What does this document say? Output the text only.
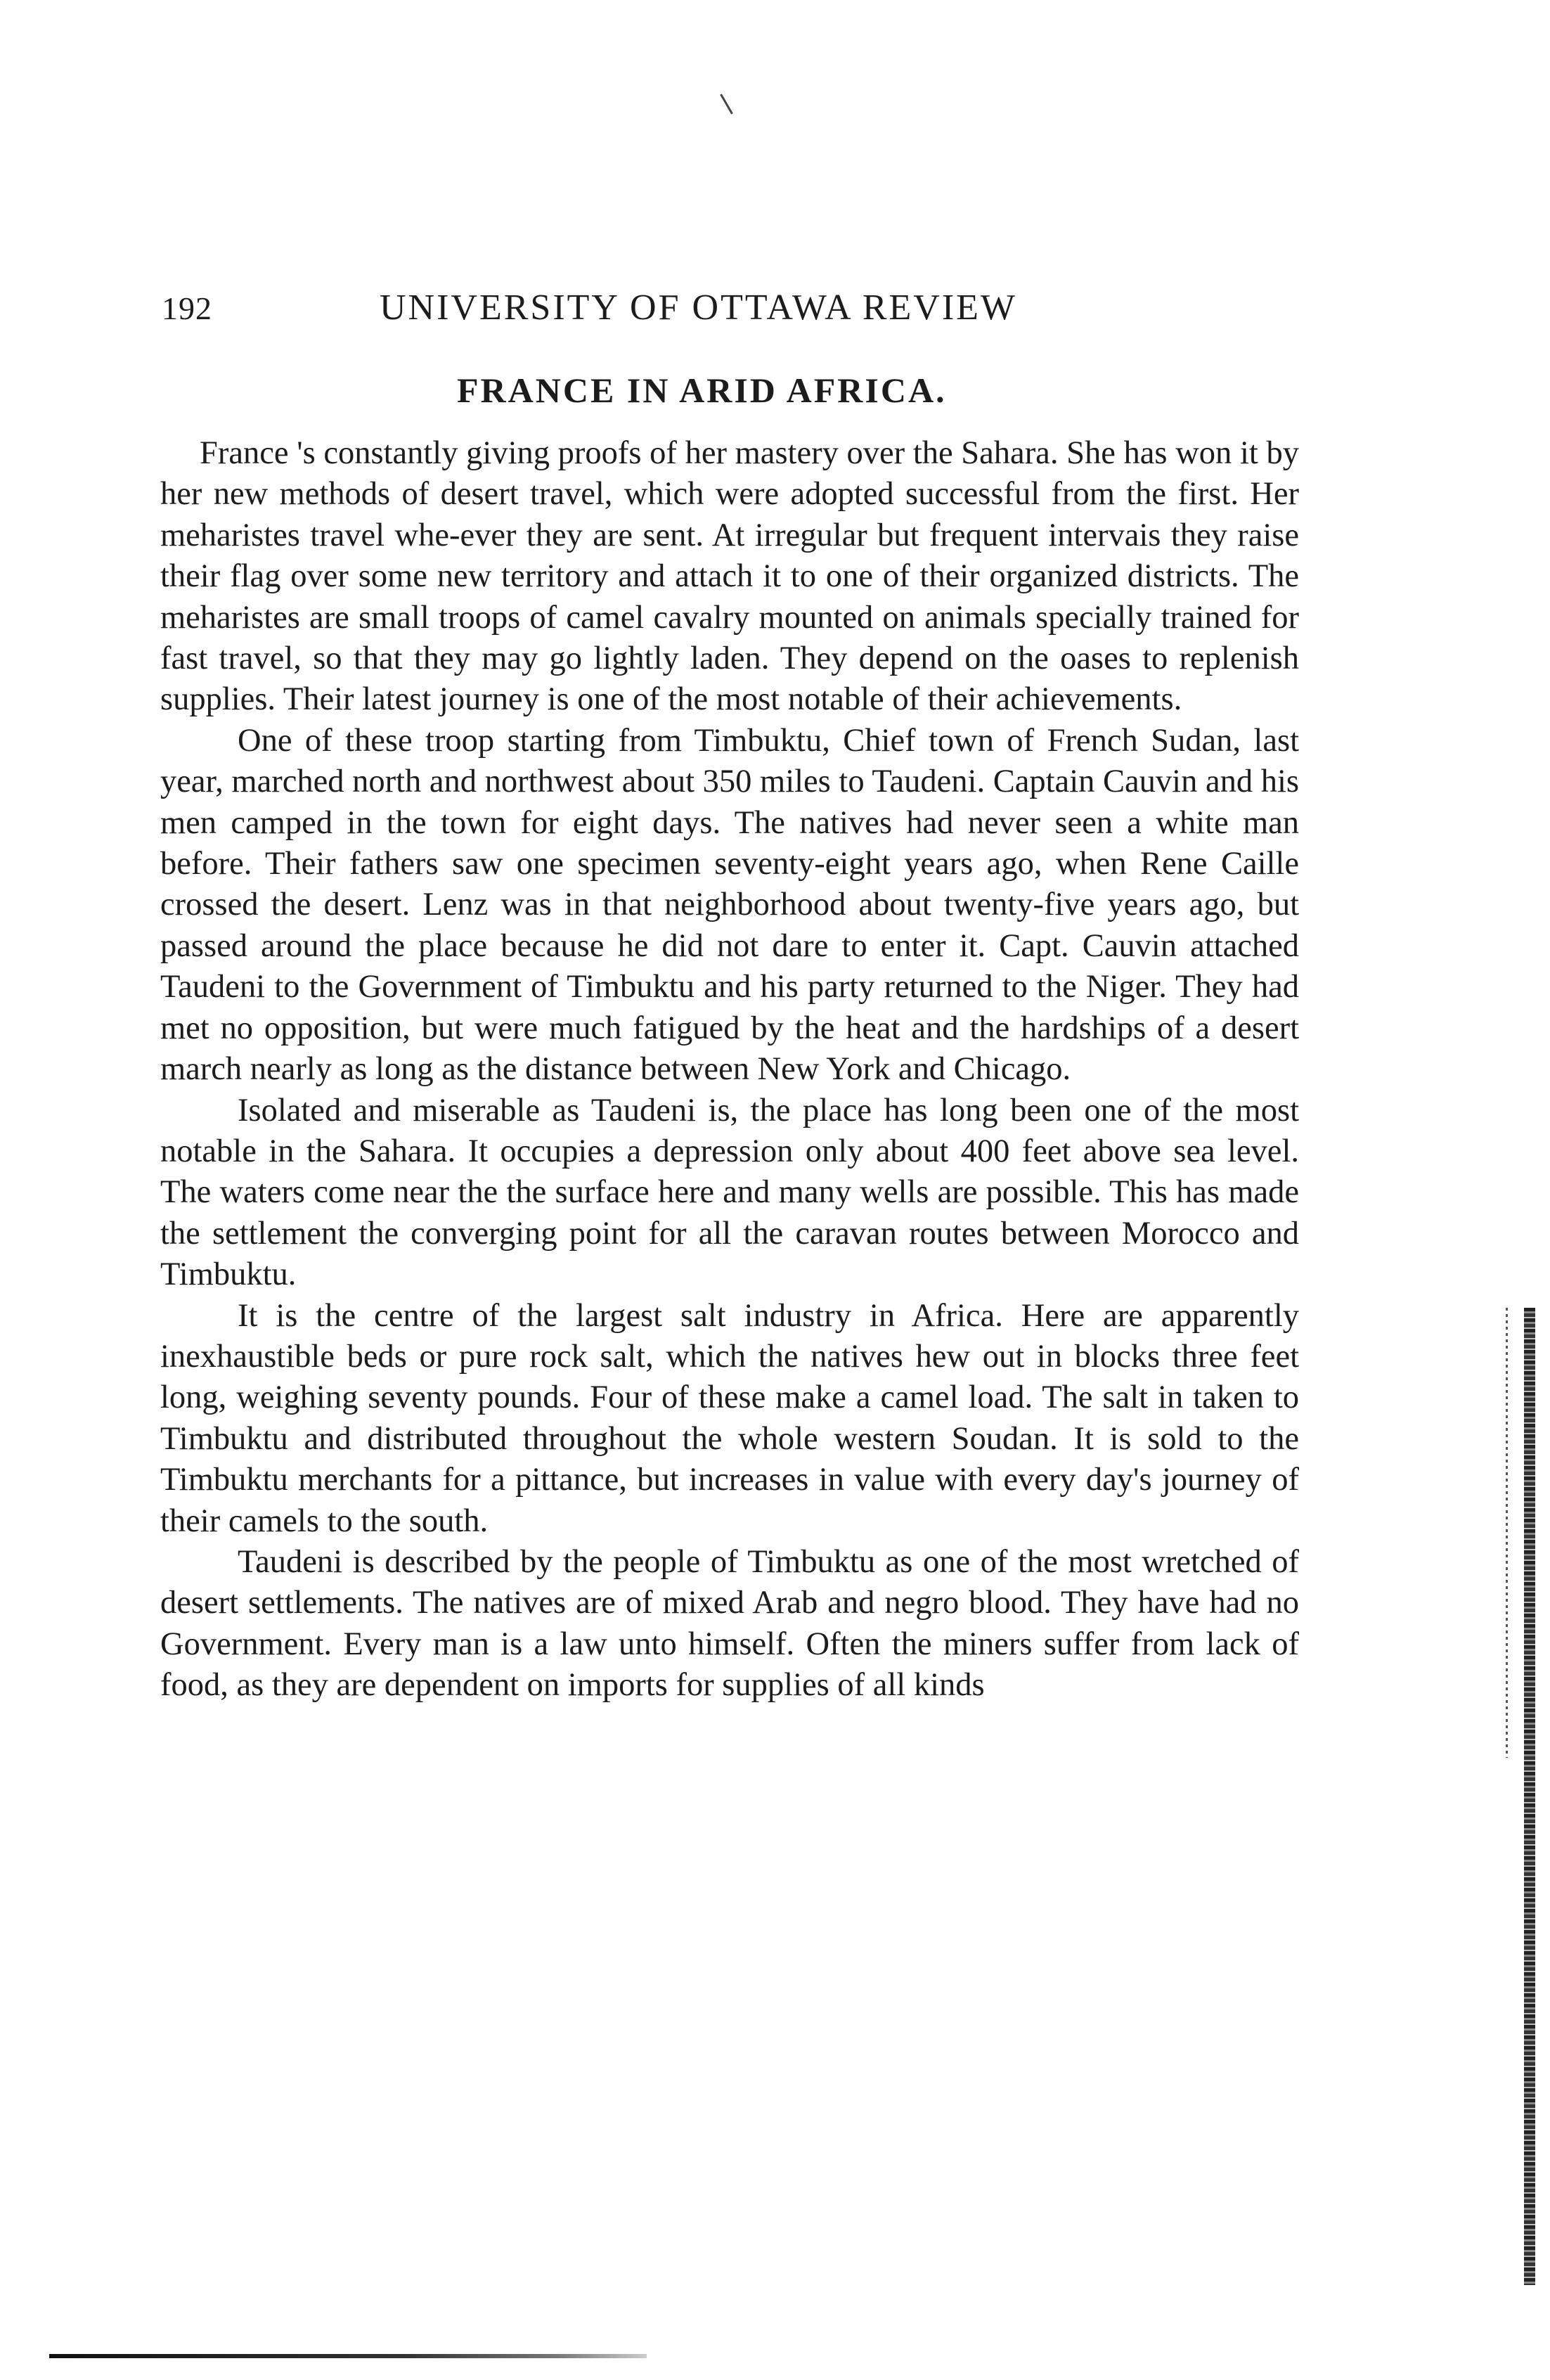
192	UNIVERSITY OF OTTAWA REVIEW
FRANCE IN ARID AFRICA.

France 's constantly giving proofs of her mastery over the Sahara. She has won it by her new methods of desert travel, which were adopted successful from the first. Her meharistes travel whe-ever they are sent. At irregular but frequent intervais they raise their flag over some new territory and attach it to one of their organized districts. The meharistes are small troops of camel cavalry mounted on animals specially trained for fast travel, so that they may go lightly laden. They depend on the oases to replenish supplies. Their latest journey is one of the most notable of their achievements.

One of these troop starting from Timbuktu, Chief town of French Sudan, last year, marched north and northwest about 350 miles to Taudeni. Captain Cauvin and his men camped in the town for eight days. The natives had never seen a white man before. Their fathers saw one specimen seventy-eight years ago, when Rene Caille crossed the desert. Lenz was in that neighborhood about twenty-five years ago, but passed around the place because he did not dare to enter it. Capt. Cauvin attached Taudeni to the Government of Timbuktu and his party returned to the Niger. They had met no opposition, but were much fatigued by the heat and the hardships of a desert march nearly as long as the distance between New York and Chicago.

Isolated and miserable as Taudeni is, the place has long been one of the most notable in the Sahara. It occupies a depression only about 400 feet above sea level. The waters come near the the surface here and many wells are possible. This has made the settlement the converging point for all the caravan routes between Morocco and Timbuktu.

It is the centre of the largest salt industry in Africa. Here are apparently inexhaustible beds or pure rock salt, which the natives hew out in blocks three feet long, weighing seventy pounds. Four of these make a camel load. The salt in taken to Timbuktu and distributed throughout the whole western Soudan. It is sold to the Timbuktu merchants for a pittance, but increases in value with every day's journey of their camels to the south.

Taudeni is described by the people of Timbuktu as one of the most wretched of desert settlements. The natives are of mixed Arab and negro blood. They have had no Government. Every man is a law unto himself. Often the miners suffer from lack of food, as they are dependent on imports for supplies of all kinds
